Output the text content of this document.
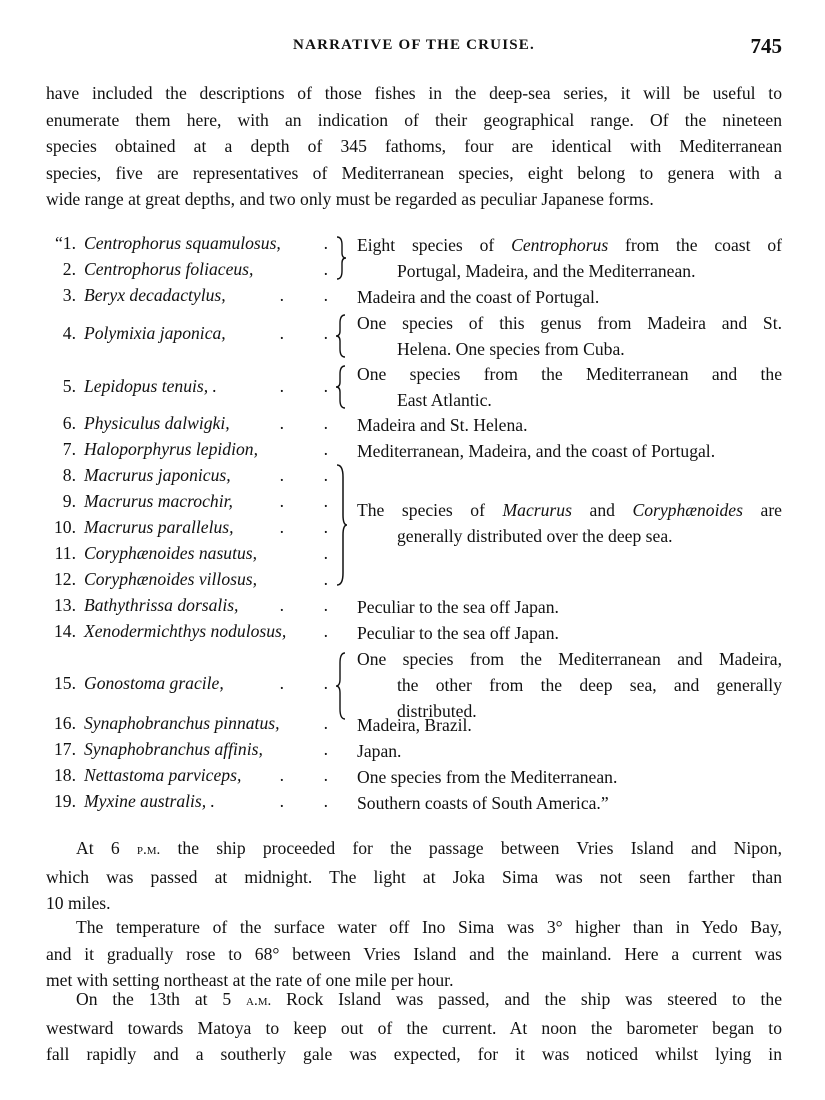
NARRATIVE OF THE CRUISE.	745

have included the descriptions of those fishes in the deep-sea series, it will be useful to
enumerate them here, with an indication of their geographical range. Of the nineteen
species obtained at a depth of 345 fathoms, four are identical with Mediterranean
species, five are representatives of Mediterranean species, eight belong to genera with a
wide range at great depths, and two only must be regarded as peculiar Japanese forms.

“1. Centrophorus squamulosus,	.
2. Centrophorus foliaceus,	.
Eight species of Centrophorus from the coast of
Portugal, Madeira, and the Mediterranean.
3. Beryx decadactylus,	.         . Madeira and the coast of Portugal.
4. Polymixia japonica,	.         . One species of this genus from Madeira and St.
Helena. One species from Cuba.
5. Lepidopus tenuis, .	.         .
One species from the Mediterranean and the
East Atlantic.
6. Physiculus dalwigki,	.         . Madeira and St. Helena.
7. Haloporphyrus lepidion,	. Mediterranean, Madeira, and the coast of Portugal.
8. Macrurus japonicus,	.         .
9. Macrurus macrochir,	.         .
10. Macrurus parallelus,	.         .
11. Coryphænoides nasutus,	.
12. Coryphænoides villosus,	.
The species of Macrurus and Coryphænoides are
generally distributed over the deep sea.
13. Bathythrissa dorsalis,	.         . Peculiar to the sea off Japan.
14. Xenodermichthys nodulosus,	. Peculiar to the sea off Japan.
15. Gonostoma gracile,	.         .
One species from the Mediterranean and Madeira,
the other from the deep sea, and generally
distributed.
16. Synaphobranchus pinnatus,	. Madeira, Brazil.
17. Synaphobranchus affinis,	. Japan.
18. Nettastoma parviceps,	.         . One species from the Mediterranean.
19. Myxine australis, .	.         . Southern coasts of South America.”

At 6 p.m. the ship proceeded for the passage between Vries Island and Nipon,
which was passed at midnight. The light at Joka Sima was not seen farther than
10 miles.

The temperature of the surface water off Ino Sima was 3° higher than in Yedo Bay,
and it gradually rose to 68° between Vries Island and the mainland. Here a current was
met with setting northeast at the rate of one mile per hour.

On the 13th at 5 a.m. Rock Island was passed, and the ship was steered to the
westward towards Matoya to keep out of the current. At noon the barometer began to
fall rapidly and a southerly gale was expected, for it was noticed whilst lying in
